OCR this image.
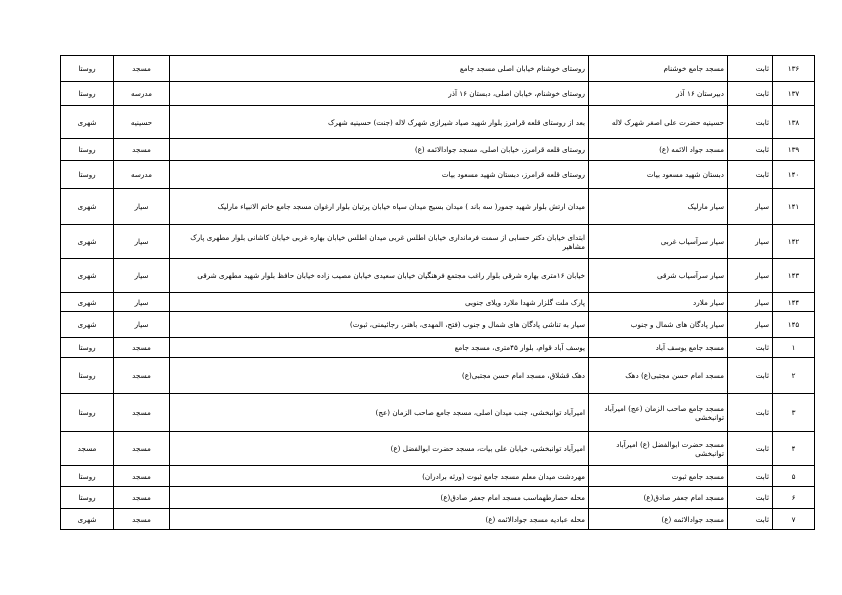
۱۳۶	ثابت	مسجد جامع خوشنام	روستای خوشنام خیابان اصلی مسجد جامع	مسجد	روستا
۱۳۷	ثابت	دبیرستان ۱۶ آذر	روستای خوشنام، خیابان اصلی، دبستان ۱۶ آذر	مدرسه	روستا
۱۳۸	ثابت	حسینیه حضرت علی اصغر شهرک لاله	بعد از روستای قلعه قرامرز بلوار شهید صیاد شیرازی شهرک لاله (جنت) حسینیه شهرک	حسینیه	شهری
۱۳۹	ثابت	مسجد جواد الائمه (ع)	روستای قلعه قرامرز، خیابان اصلی، مسجد جوادالائمه (ع)	مسجد	روستا
۱۴۰	ثابت	دبستان شهید مسعود بیات	روستای قلعه قرامرز، دبستان شهید مسعود بیات	مدرسه	روستا
۱۴۱	سیار	سیار مارلیک	میدان ارتش بلوار شهید جمور( سه باند ) میدان بسیج میدان سپاه خیابان پرتیان بلوار ارغوان مسجد جامع خاتم الانبیاء مارلیک	سیار	شهری
۱۴۲	سیار	سیار سرآسیاب غربی	ابتدای خیابان دکتر حسابی از سمت فرمانداری خیابان اطلس غربی میدان اطلس خیابان بهاره غربی خیابان کاشانی بلوار مطهری پارک مشاهیر	سیار	شهری
۱۴۳	سیار	سیار سرآسیاب شرقی	خیابان ۱۶متری بهاره شرقی بلوار راغب مجتمع فرهنگیان خیابان سعیدی خیابان مصیب زاده خیابان حافظ بلوار شهید مطهری شرقی	سیار	شهری
۱۴۴	سیار	سیار ملارد	پارک ملت گلزار شهدا ملارد ویلای جنوبی	سیار	شهری
۱۴۵	سیار	سیار پادگان های شمال و جنوب	سیار به تناشی پادگان های شمال و جنوب (فتح، المهدی، باهنر، رجائیمنی، ثبوت)	سیار	شهری
۱	ثابت	مسجد جامع یوسف آباد	یوسف آباد قوام، بلوار ۴۵متری، مسجد جامع	مسجد	روستا
۲	ثابت	مسجد امام حسن مجتبی(ع) دهک	دهک قشلاق، مسجد امام حسن مجتبی(ع)	مسجد	روستا
۳	ثابت	مسجد جامع صاحب الزمان (عج) امیرآباد توانبخشی	امیرآباد توانبخشی، جنب میدان اصلی، مسجد جامع صاحب الزمان (عج)	مسجد	روستا
۴	ثابت	مسجد حضرت ابوالفضل (ع) امیرآباد توانبخشی	امیرآباد توانبخشی، خیابان علی بیات، مسجد حضرت ابوالفضل (ع)	مسجد	مسجد
۵	ثابت	مسجد جامع ثبوت	مهردشت میدان معلم مسجد جامع ثبوت (ورثه برادران)	مسجد	روستا
۶	ثابت	مسجد امام جعفر صادق(ع)	محله حصارطهماسب مسجد امام جعفر صادق(ع)	مسجد	روستا
۷	ثابت	مسجد جوادالائمه (ع)	محله عبادیه مسجد جوادالائمه (ع)	مسجد	شهری
